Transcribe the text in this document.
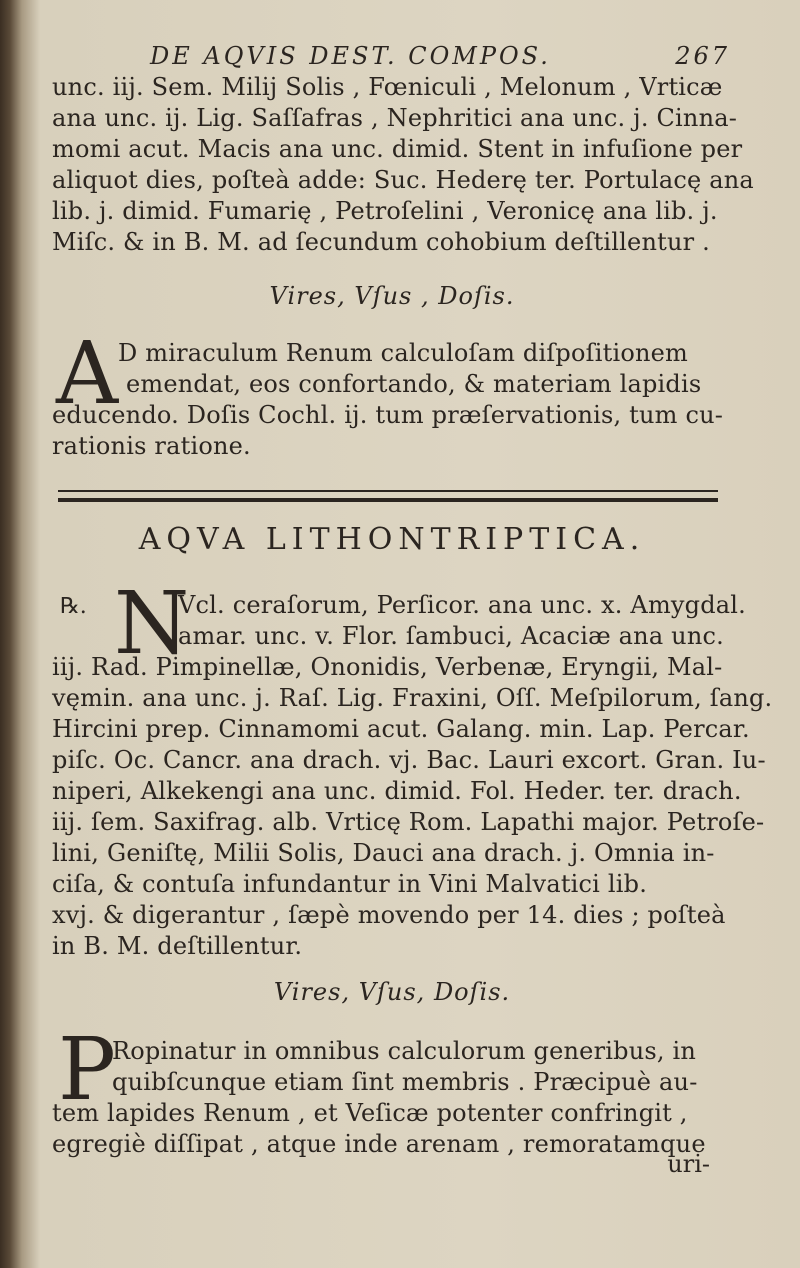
DE AQVIS DEST. COMPOS.	267
unc. iij. Sem. Milij Solis , Fœniculi , Melonum , Vrticæ
ana unc. ij. Lig. Saſſafras , Nephritici ana unc. j. Cinna-
momi acut. Macis ana unc. dimid. Stent in infuſione per
aliquot dies, poſteà adde: Suc. Hederę ter. Portulacę ana
lib. j. dimid. Fumarię , Petroſelini , Veronicę ana lib. j.
Miſc. & in B. M. ad ſecundum cohobium deſtillentur .
Vires, Vſus , Doſis.
A D miraculum Renum calculoſam diſpoſitionem
emendat, eos confortando, & materiam lapidis
educendo. Doſis Cochl. ij. tum præſervationis, tum cu-
rationis ratione.
AQVA LITHONTRIPTICA.
℞. N
Vcl. ceraſorum, Perſicor. ana unc. x. Amygdal.
amar. unc. v. Flor. ſambuci, Acaciæ ana unc.
iij. Rad. Pimpinellæ, Ononidis, Verbenæ, Eryngii, Mal-
vęmin. ana unc. j. Raſ. Lig. Fraxini, Oſſ. Meſpilorum, ſang.
Hircini prep. Cinnamomi acut. Galang. min. Lap. Percar.
piſc. Oc. Cancr. ana drach. vj. Bac. Lauri excort. Gran. Iu-
niperi, Alkekengi ana unc. dimid. Fol. Heder. ter. drach.
iij. ſem. Saxifrag. alb. Vrticę Rom. Lapathi major. Petroſe-
lini, Geniſtę, Milii Solis, Dauci ana drach. j. Omnia in-
ciſa, & contuſa infundantur in Vini Malvatici lib.
xvj. & digerantur , ſæpè movendo per 14. dies ; poſteà
in B. M. deſtillentur.
Vires, Vſus, Doſis.
P
Ropinatur in omnibus calculorum generibus, in
quibſcunque etiam ſint membris . Præcipuè au-
tem lapides Renum , et Veſicæ potenter confringit ,
egregiè diſſipat , atque inde arenam , remoratamque
uri-
